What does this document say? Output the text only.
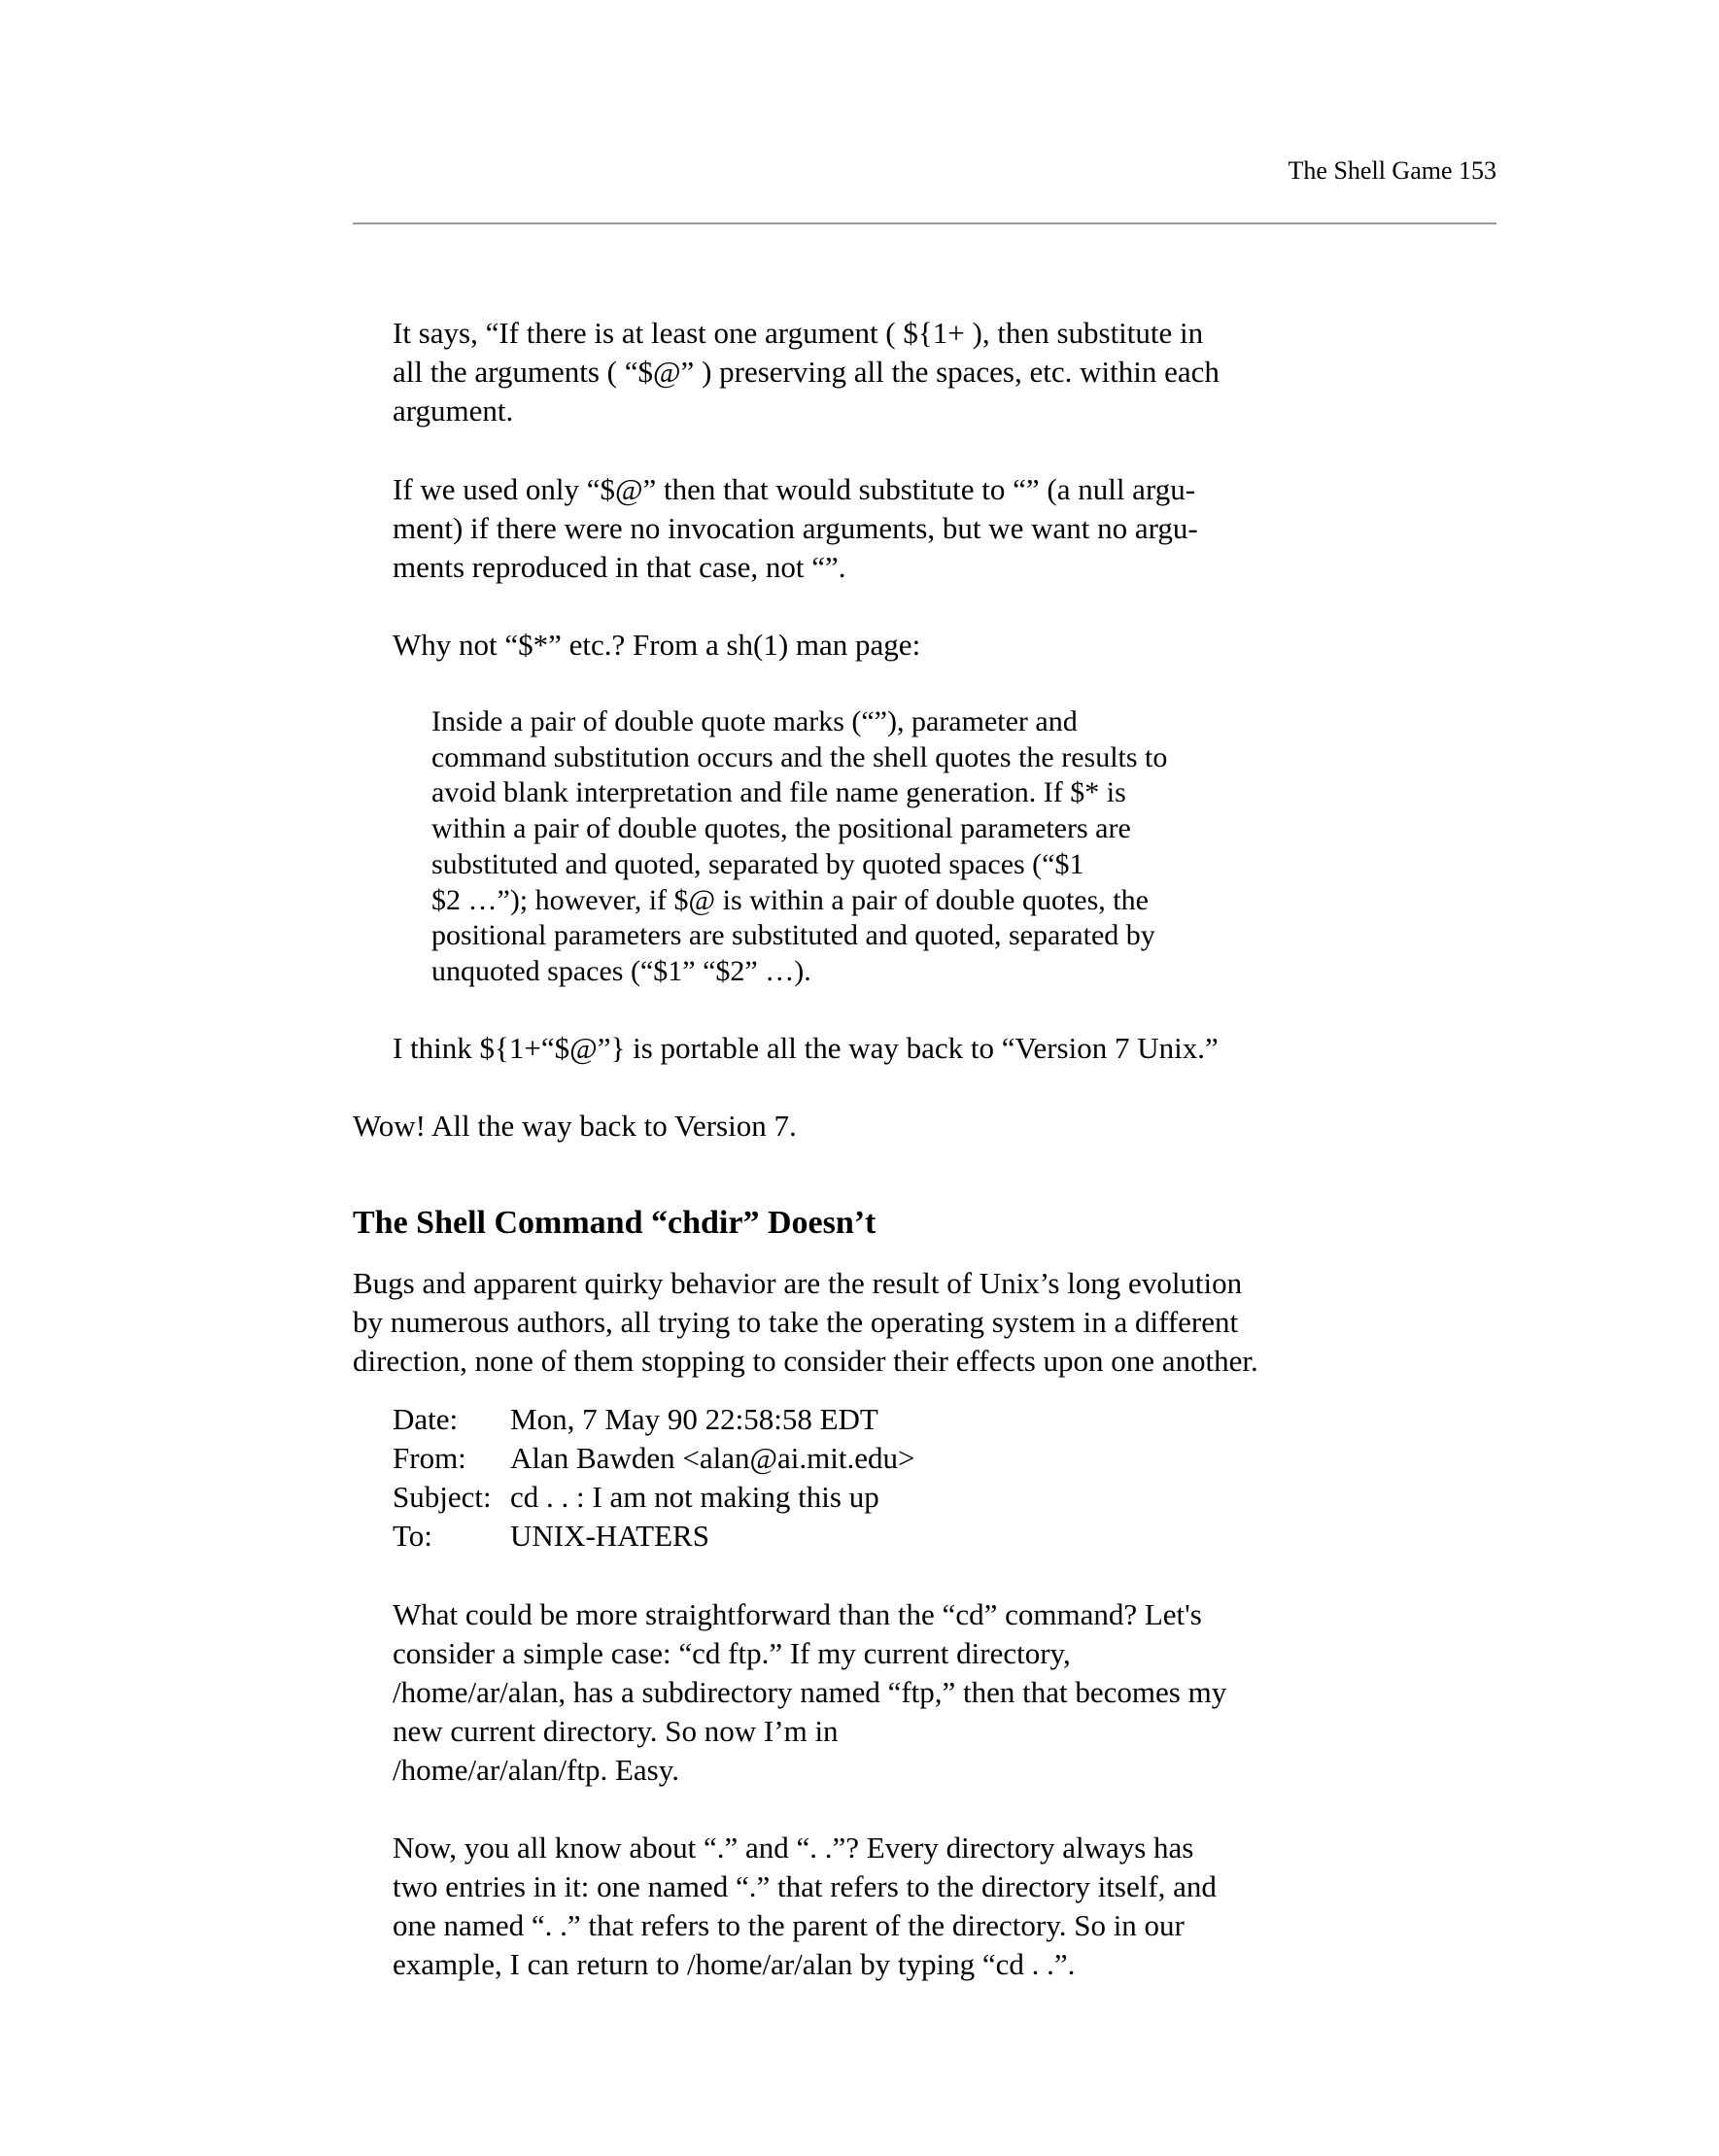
The Shell Game 153

It says, “If there is at least one argument ( ${1+ ), then substitute in
all the arguments ( “$@” ) preserving all the spaces, etc. within each
argument.

If we used only “$@” then that would substitute to “” (a null argu-
ment) if there were no invocation arguments, but we want no argu-
ments reproduced in that case, not “”.

Why not “$*” etc.? From a sh(1) man page:

Inside a pair of double quote marks (“”), parameter and
command substitution occurs and the shell quotes the results to
avoid blank interpretation and file name generation. If $* is
within a pair of double quotes, the positional parameters are
substituted and quoted, separated by quoted spaces (“$1
$2 …”); however, if $@ is within a pair of double quotes, the
positional parameters are substituted and quoted, separated by
unquoted spaces (“$1” “$2” …).

I think ${1+“$@”} is portable all the way back to “Version 7 Unix.”

Wow! All the way back to Version 7.

The Shell Command “chdir” Doesn’t

Bugs and apparent quirky behavior are the result of Unix’s long evolution
by numerous authors, all trying to take the operating system in a different
direction, none of them stopping to consider their effects upon one another.

Date:	Mon, 7 May 90 22:58:58 EDT
From:	Alan Bawden <alan@ai.mit.edu>
Subject: cd . . : I am not making this up
To:	UNIX-HATERS

What could be more straightforward than the “cd” command? Let's
consider a simple case: “cd ftp.” If my current directory,
/home/ar/alan, has a subdirectory named “ftp,” then that becomes my
new current directory. So now I’m in
/home/ar/alan/ftp. Easy.

Now, you all know about “.” and “. .”? Every directory always has
two entries in it: one named “.” that refers to the directory itself, and
one named “. .” that refers to the parent of the directory. So in our
example, I can return to /home/ar/alan by typing “cd . .”.
